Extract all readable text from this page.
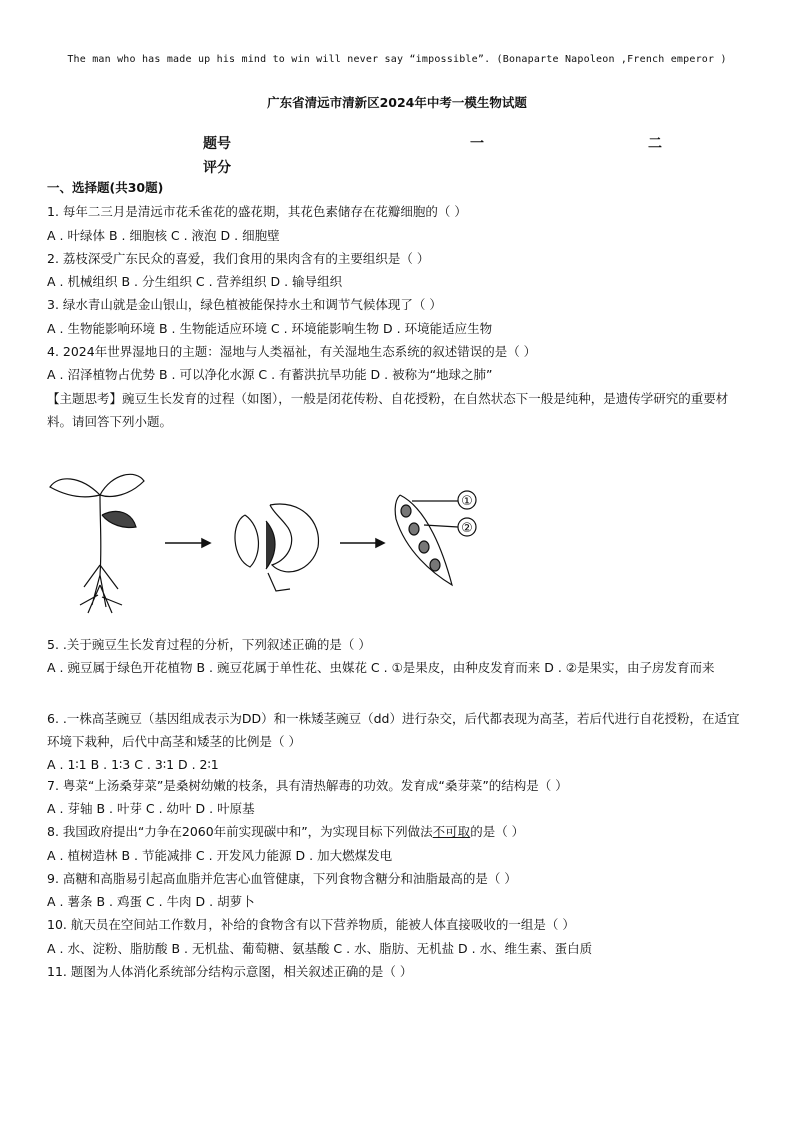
The man who has made up his mind to win will never say “impossible”. (Bonaparte Napoleon ,French emperor )
广东省清远市清新区2024年中考一模生物试题
题号	一	二
评分
一、选择题(共30题)
1. 每年二三月是清远市花禾雀花的盛花期，其花色素储存在花瓣细胞的（ ）
A . 叶绿体 B . 细胞核 C . 液泡 D . 细胞壁
2. 荔枝深受广东民众的喜爱，我们食用的果肉含有的主要组织是（ ）
A . 机械组织 B . 分生组织 C . 营养组织 D . 输导组织
3. 绿水青山就是金山银山，绿色植被能保持水土和调节气候体现了（ ）
A . 生物能影响环境 B . 生物能适应环境 C . 环境能影响生物 D . 环境能适应生物
4. 2024年世界湿地日的主题：湿地与人类福祉，有关湿地生态系统的叙述错误的是（ ）
A . 沼泽植物占优势 B . 可以净化水源 C . 有蓄洪抗旱功能 D . 被称为“地球之肺”
【主题思考】豌豆生长发育的过程（如图），一般是闭花传粉、自花授粉，在自然状态下一般是纯种，是遗传学研究的重要材料。请回答下列小题。
①
②
5. .关于豌豆生长发育过程的分析，下列叙述正确的是（ ）
A . 豌豆属于绿色开花植物 B . 豌豆花属于单性花、虫媒花 C . ①是果皮，由种皮发育而来 D . ②是果实，由子房发育而来
6. .一株高茎豌豆（基因组成表示为DD）和一株矮茎豌豆（dd）进行杂交，后代都表现为高茎，若后代进行自花授粉，在适宜环境下栽种，后代中高茎和矮茎的比例是（ ）
A . 1∶1 B . 1∶3 C . 3∶1 D . 2∶1
7. 粤菜“上汤桑芽菜”是桑树幼嫩的枝条，具有清热解毒的功效。发育成“桑芽菜”的结构是（ ）
A . 芽轴 B . 叶芽 C . 幼叶 D . 叶原基
8. 我国政府提出“力争在2060年前实现碳中和”，为实现目标下列做法不可取的是（ ）
A . 植树造林 B . 节能减排 C . 开发风力能源 D . 加大燃煤发电
9. 高糖和高脂易引起高血脂并危害心血管健康，下列食物含糖分和油脂最高的是（ ）
A . 薯条 B . 鸡蛋 C . 牛肉 D . 胡萝卜
10. 航天员在空间站工作数月，补给的食物含有以下营养物质，能被人体直接吸收的一组是（ ）
A . 水、淀粉、脂肪酸 B . 无机盐、葡萄糖、氨基酸 C . 水、脂肪、无机盐 D . 水、维生素、蛋白质
11. 题图为人体消化系统部分结构示意图，相关叙述正确的是（ ）
